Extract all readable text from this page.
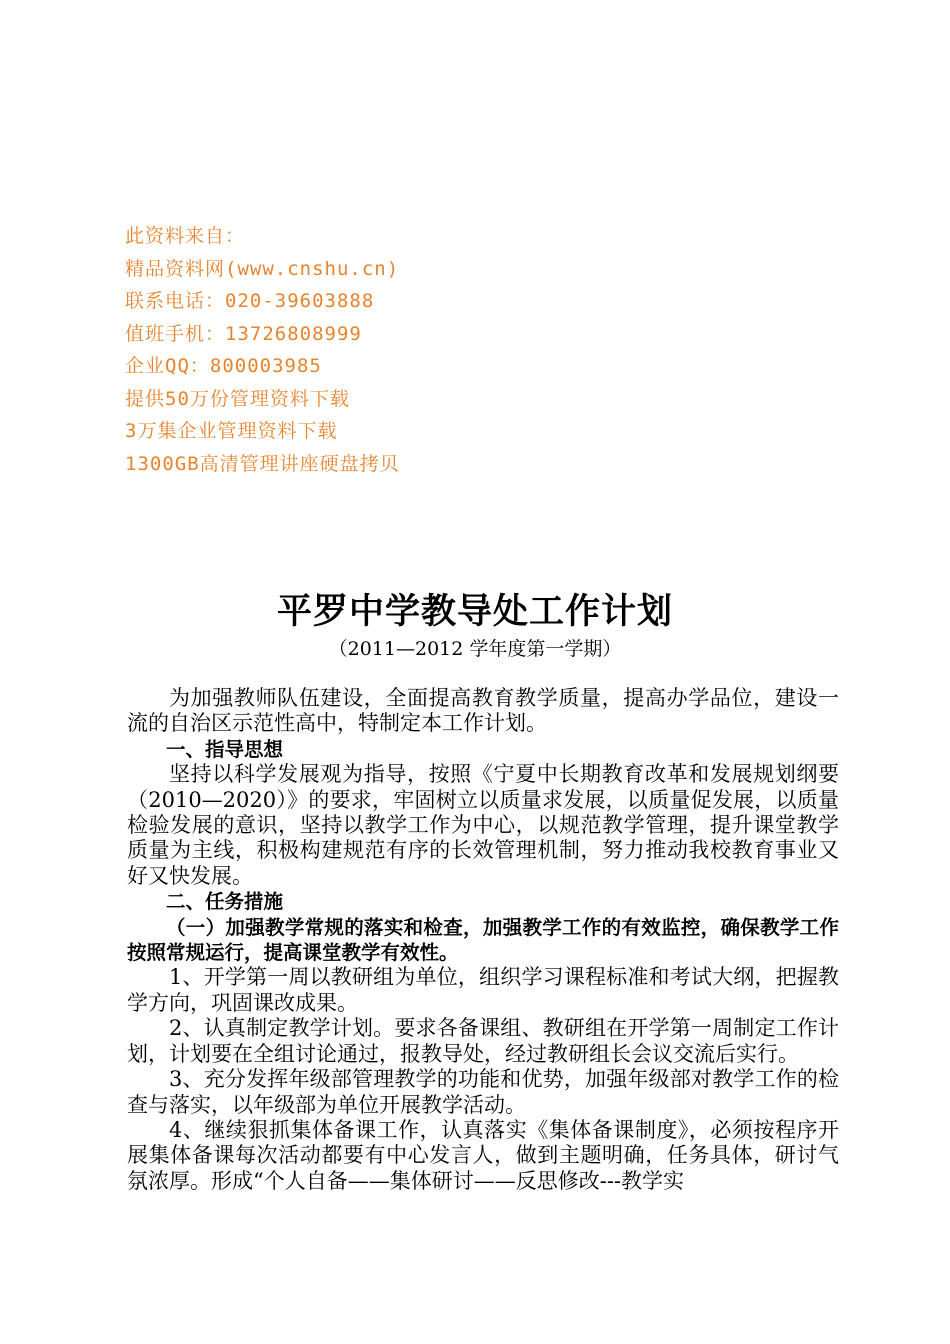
此资料来自：
精品资料网(www.cnshu.cn)
联系电话：020-39603888
值班手机：13726808999
企业QQ：800003985
提供50万份管理资料下载
3万集企业管理资料下载
1300GB高清管理讲座硬盘拷贝
平罗中学教导处工作计划
（2011—2012 学年度第一学期）

为加强教师队伍建设，全面提高教育教学质量，提高办学品位，建设一流的自治区示范性高中，特制定本工作计划。

一、指导思想

坚持以科学发展观为指导，按照《宁夏中长期教育改革和发展规划纲要（2010—2020）》的要求，牢固树立以质量求发展，以质量促发展，以质量检验发展的意识，坚持以教学工作为中心，以规范教学管理，提升课堂教学质量为主线，积极构建规范有序的长效管理机制，努力推动我校教育事业又好又快发展。

二、任务措施

（一）加强教学常规的落实和检查，加强教学工作的有效监控，确保教学工作按照常规运行，提高课堂教学有效性。

1、开学第一周以教研组为单位，组织学习课程标准和考试大纲，把握教学方向，巩固课改成果。

2、认真制定教学计划。要求各备课组、教研组在开学第一周制定工作计划，计划要在全组讨论通过，报教导处，经过教研组长会议交流后实行。

3、充分发挥年级部管理教学的功能和优势，加强年级部对教学工作的检查与落实，以年级部为单位开展教学活动。

4、继续狠抓集体备课工作，认真落实《集体备课制度》，必须按程序开展集体备课每次活动都要有中心发言人，做到主题明确，任务具体，研讨气氛浓厚。形成“个人自备——集体研讨——反思修改---教学实
